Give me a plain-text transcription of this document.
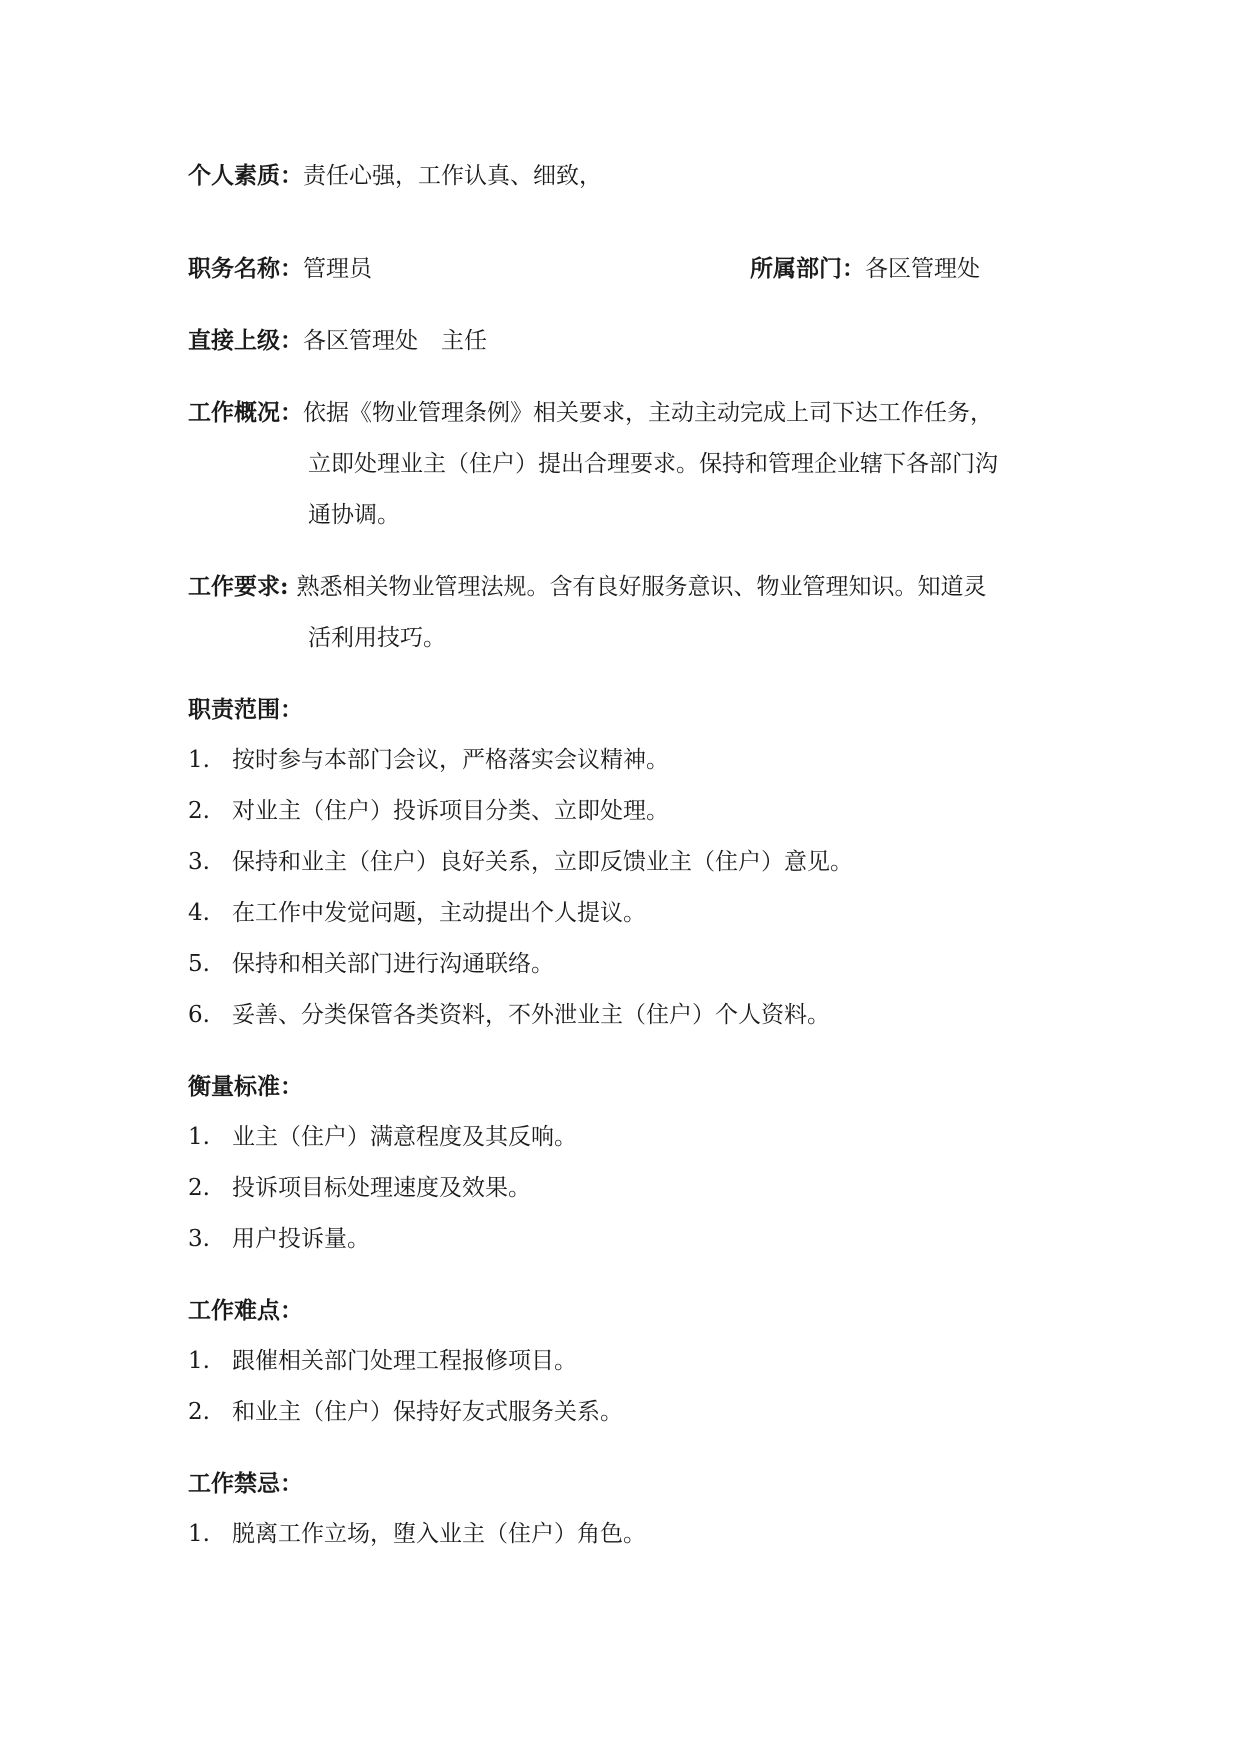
个人素质：责任心强，工作认真、细致，
职务名称：管理员	所属部门：各区管理处
直接上级：各区管理处　主任
工作概况：依据《物业管理条例》相关要求，主动主动完成上司下达工作任务，
立即处理业主（住户）提出合理要求。保持和管理企业辖下各部门沟
通协调。
工作要求: 熟悉相关物业管理法规。含有良好服务意识、物业管理知识。知道灵
活利用技巧。
职责范围：
1. 按时参与本部门会议，严格落实会议精神。
2. 对业主（住户）投诉项目分类、立即处理。
3. 保持和业主（住户）良好关系，立即反馈业主（住户）意见。
4. 在工作中发觉问题，主动提出个人提议。
5. 保持和相关部门进行沟通联络。
6. 妥善、分类保管各类资料，不外泄业主（住户）个人资料。
衡量标准：
1. 业主（住户）满意程度及其反响。
2. 投诉项目标处理速度及效果。
3. 用户投诉量。
工作难点：
1. 跟催相关部门处理工程报修项目。
2. 和业主（住户）保持好友式服务关系。
工作禁忌：
1. 脱离工作立场，堕入业主（住户）角色。
